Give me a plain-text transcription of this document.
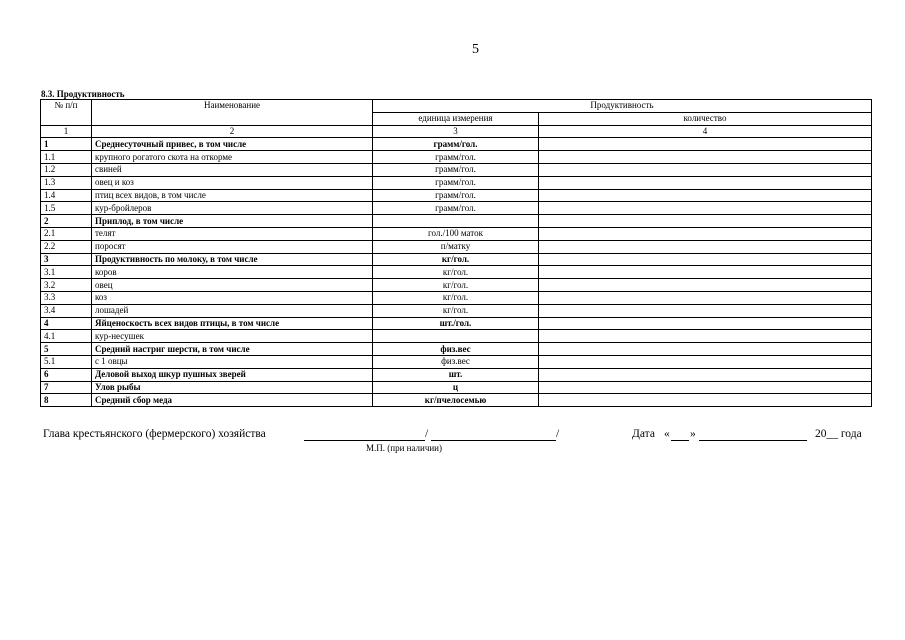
5
8.3. Продуктивность
№ п/п	Наименование	Продуктивность	
		единица измерения	количество
1	2	3	4
1	Среднесуточный привес, в том числе	грамм/гол.	
1.1	крупного рогатого скота на откорме	грамм/гол.	
1.2	свиней	грамм/гол.	
1.3	овец и коз	грамм/гол.	
1.4	птиц всех видов, в том числе	грамм/гол.	
1.5	кур-бройлеров	грамм/гол.	
2	Приплод, в том числе		
2.1	телят	гол./100 маток	
2.2	поросят	п/матку	
3	Продуктивность по молоку, в том числе	кг/гол.	
3.1	коров	кг/гол.	
3.2	овец	кг/гол.	
3.3	коз	кг/гол.	
3.4	лошадей	кг/гол.	
4	Яйценоскость всех видов птицы, в том числе	шт./гол.	
4.1	кур-несушек		
5	Средний настриг шерсти, в том числе	физ.вес	
5.1	с 1 овцы	физ.вес	
6	Деловой выход шкур пушных зверей	шт.	
7	Улов рыбы	ц	
8	Средний сбор меда	кг/пчелосемью	
Глава крестьянского (фермерского) хозяйства	/	/
М.П. (при наличии)
Дата « »	20__ года
